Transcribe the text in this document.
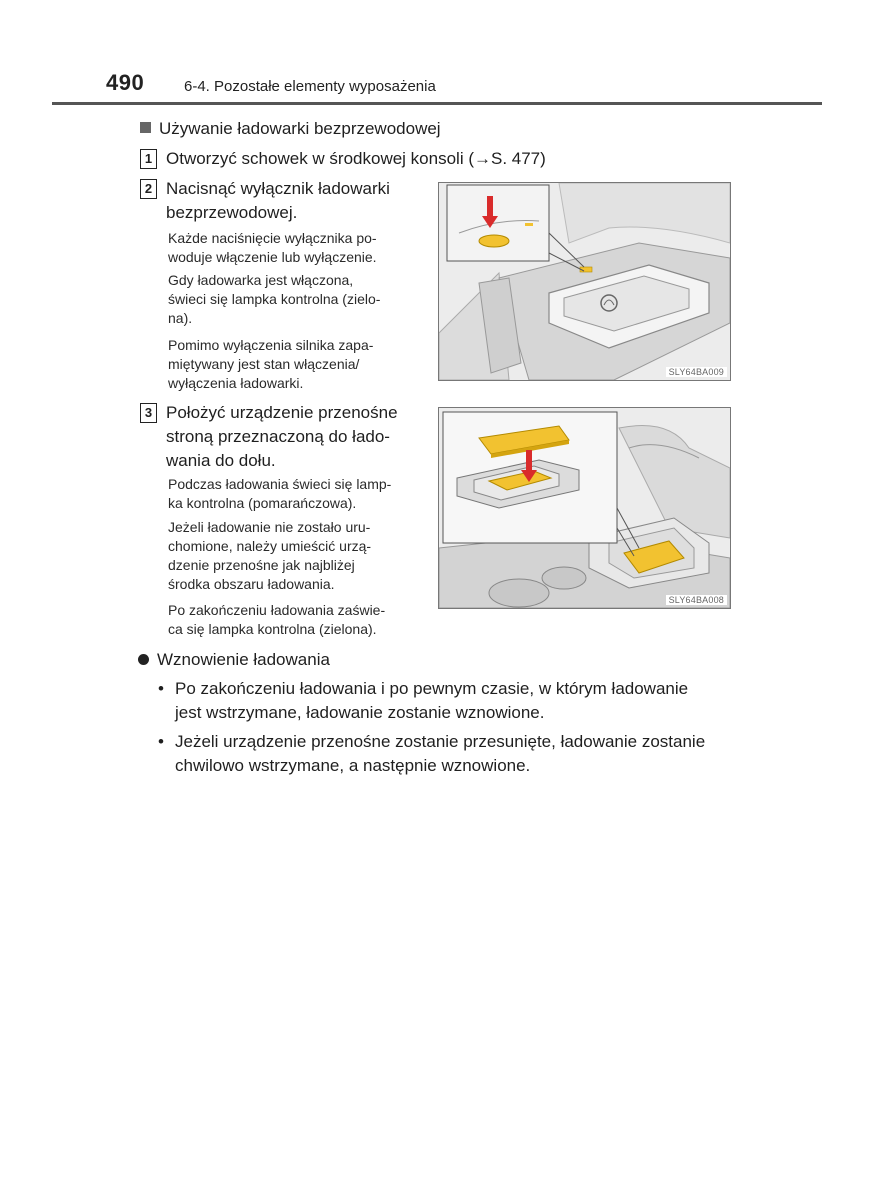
490	6-4. Pozostałe elementy wyposażenia
Używanie ładowarki bezprzewodowej
1 Otworzyć schowek w środkowej konsoli (→S. 477)
2 Nacisnąć wyłącznik ładowarki
bezprzewodowej.
Każde naciśnięcie wyłącznika po-
woduje włączenie lub wyłączenie.
Gdy ładowarka jest włączona,
świeci się lampka kontrolna (zielo-
na).
Pomimo wyłączenia silnika zapa-
miętywany jest stan włączenia/
wyłączenia ładowarki.
SLY64BA009
3 Położyć urządzenie przenośne
stroną przeznaczoną do łado-
wania do dołu.
Podczas ładowania świeci się lamp-
ka kontrolna (pomarańczowa).
Jeżeli ładowanie nie zostało uru-
chomione, należy umieścić urzą-
dzenie przenośne jak najbliżej
środka obszaru ładowania.
Po zakończeniu ładowania zaświe-
ca się lampka kontrolna (zielona).
SLY64BA008
Wznowienie ładowania
• Po zakończeniu ładowania i po pewnym czasie, w którym ładowanie
jest wstrzymane, ładowanie zostanie wznowione.
• Jeżeli urządzenie przenośne zostanie przesunięte, ładowanie zostanie
chwilowo wstrzymane, a następnie wznowione.
